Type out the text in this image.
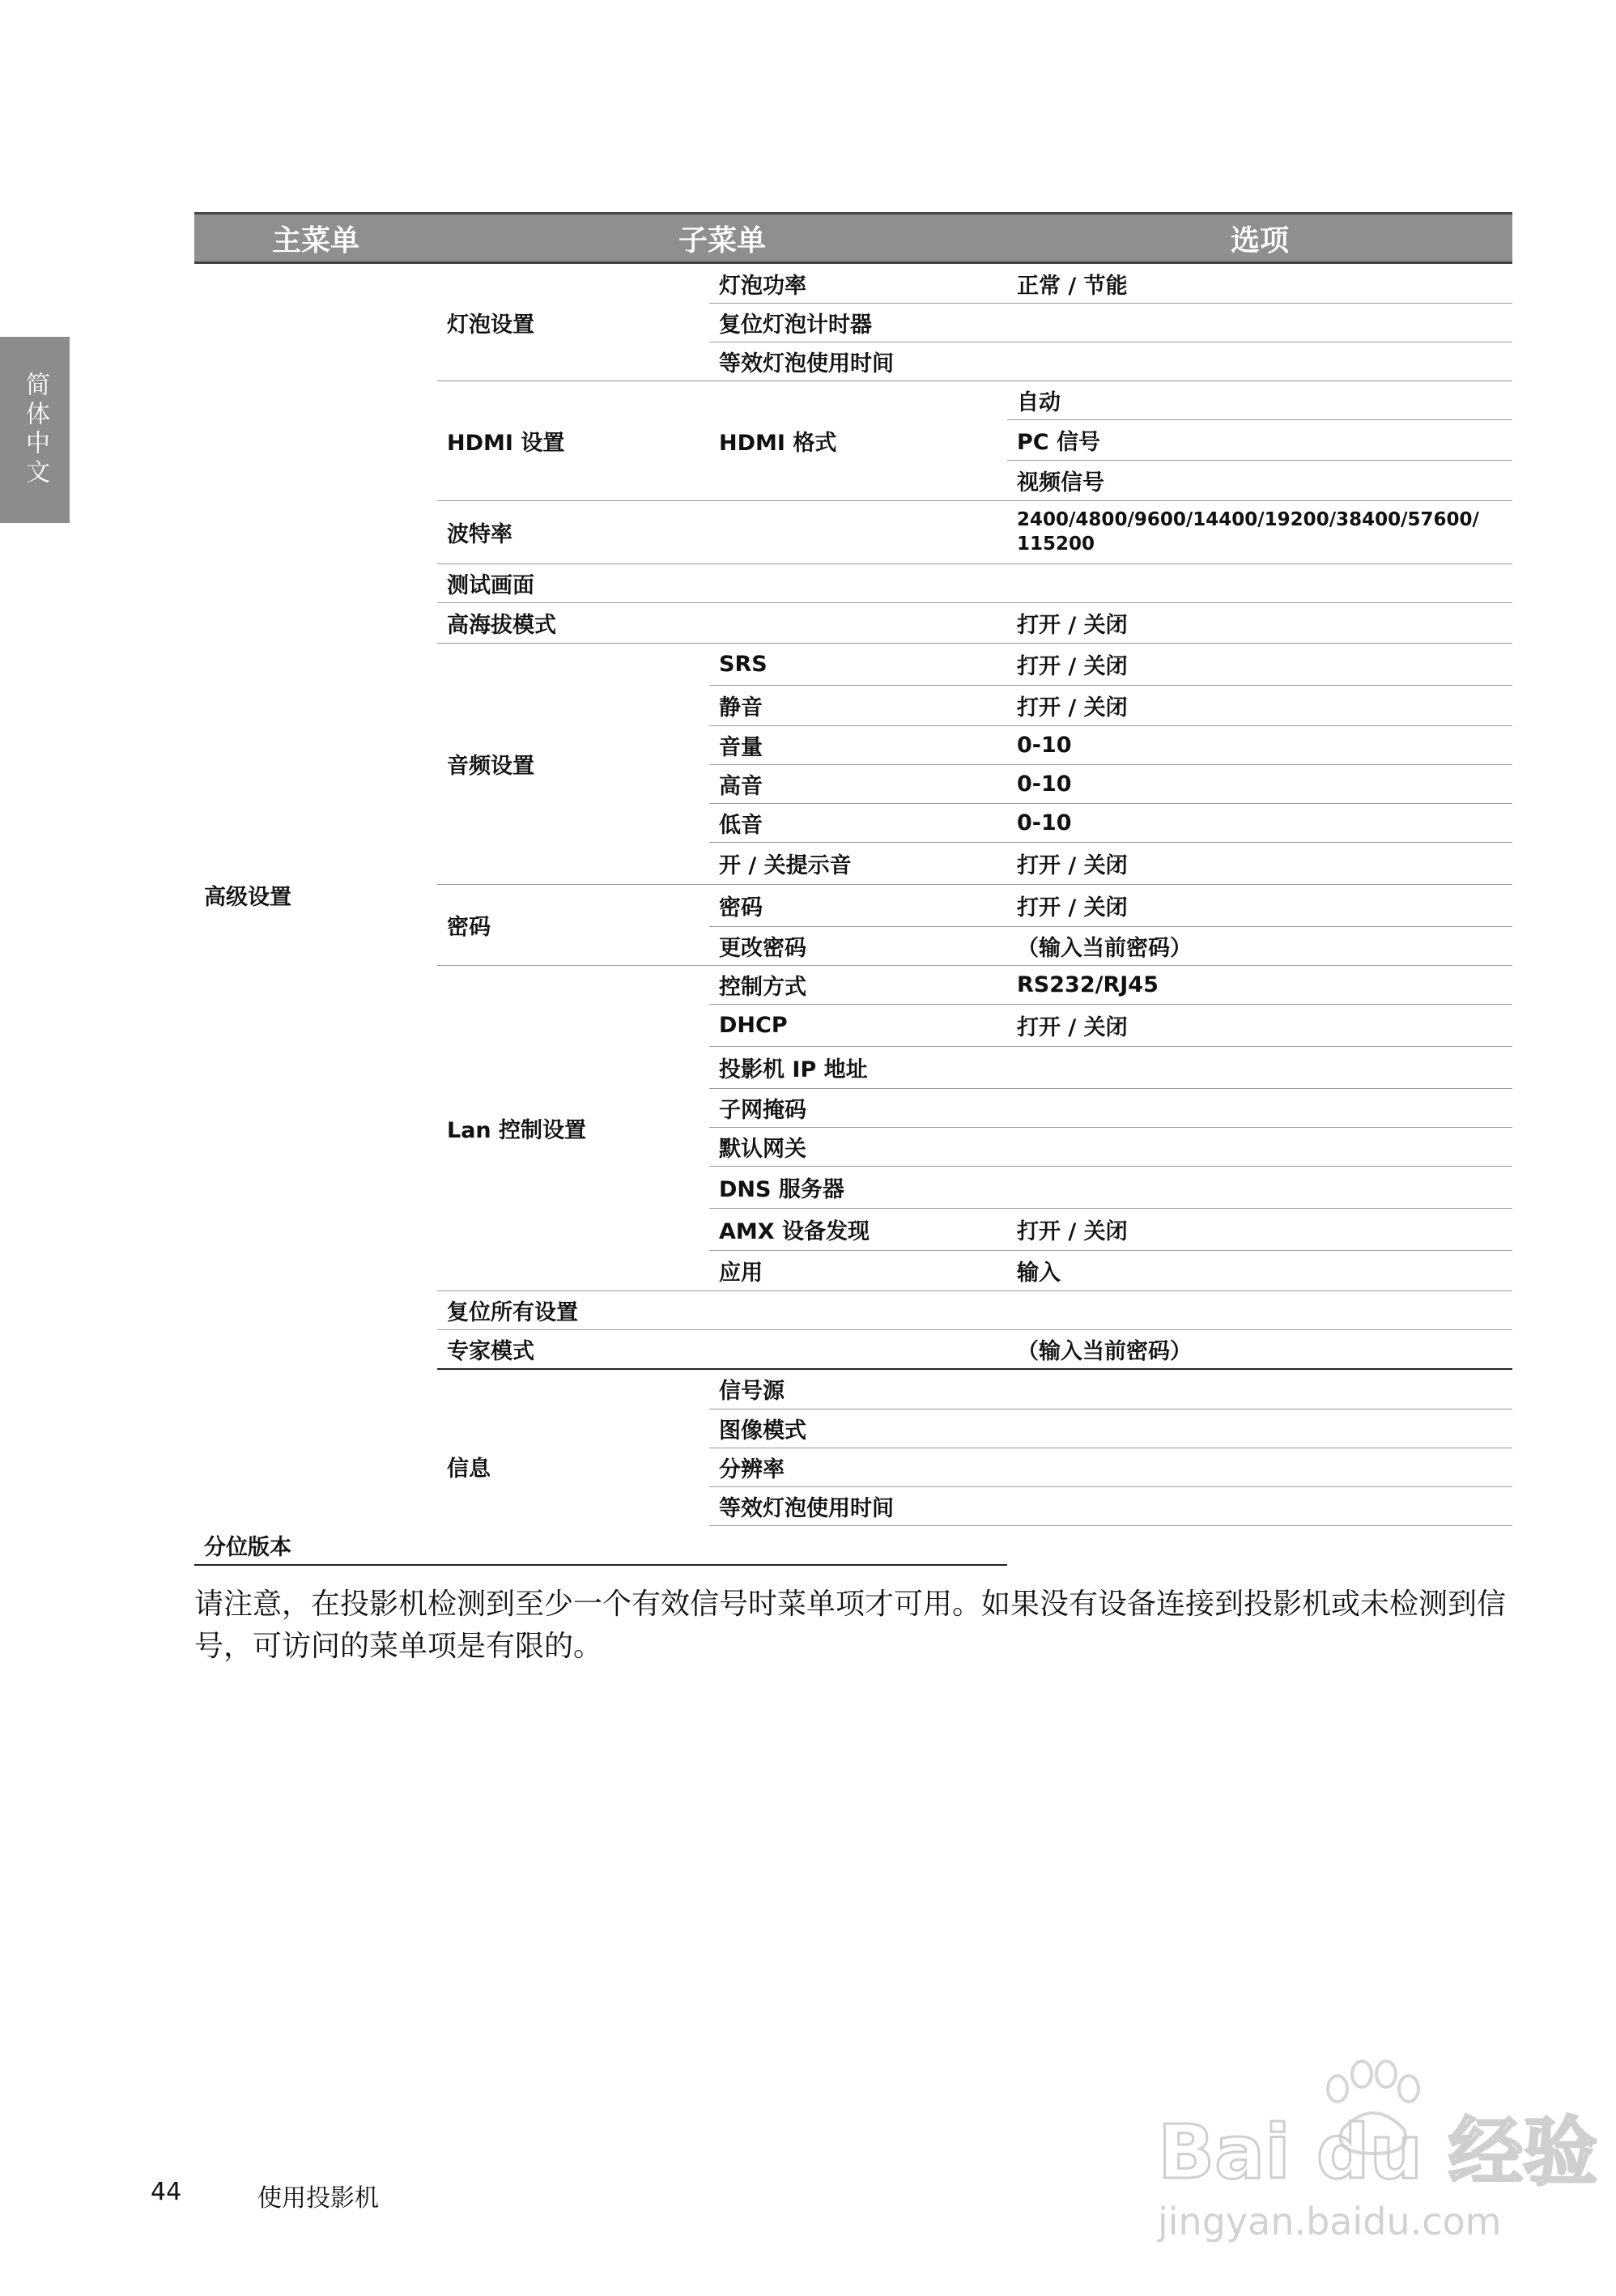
简体中文
主菜单	子菜单		选项	
高级设置	灯泡设置	灯泡功率	正常 / 节能	
		复位灯泡计时器		
		等效灯泡使用时间		
	HDMI 设置	HDMI 格式	自动	
			PC 信号	
			视频信号	
	波特率		2400/4800/9600/14400/19200/38400/57600/ 115200	
	测试画面			
	高海拔模式		打开 / 关闭	
	音频设置	SRS	打开 / 关闭	
		静音	打开 / 关闭	
		音量	0-10	
		高音	0-10	
		低音	0-10	
		开 / 关提示音	打开 / 关闭	
	密码	密码	打开 / 关闭	
		更改密码	（输入当前密码）	
	Lan 控制设置	控制方式	RS232/RJ45	
		DHCP	打开 / 关闭	
		投影机 IP 地址		
		子网掩码		
		默认网关		
		DNS 服务器		
		AMX 设备发现	打开 / 关闭	
		应用	输入	
	复位所有设置			
	专家模式		（输入当前密码）	
	信息	信号源		
		图像模式		
		分辨率		
		等效灯泡使用时间		
分位版本				
请注意，在投影机检测到至少一个有效信号时菜单项才可用。如果没有设备连接到投影机或未检测到信号，可访问的菜单项是有限的。
44	使用投影机
Bai du 经验
jingyan.baidu.com
